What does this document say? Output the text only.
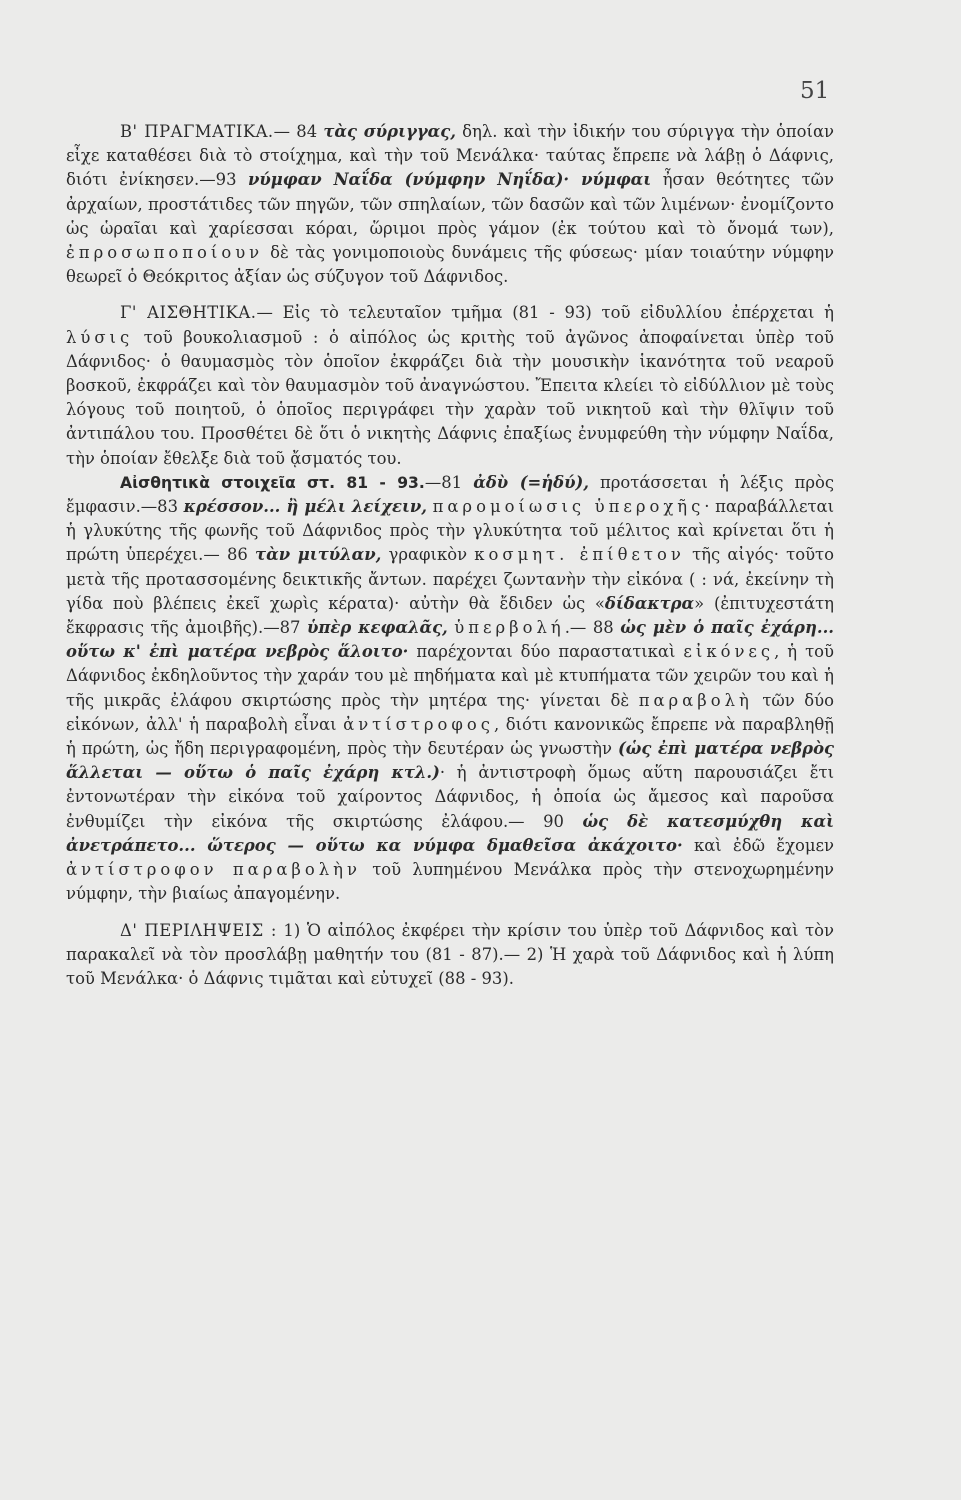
51

Β' ΠΡΑΓΜΑΤΙΚΑ.— 84 τὰς σύριγγας, δηλ. καὶ τὴν ἰδικήν του σύριγγα τὴν ὁποίαν εἶχε καταθέσει διὰ τὸ στοίχημα, καὶ τὴν τοῦ Μενάλκα· ταύτας ἔπρεπε νὰ λάβῃ ὁ Δάφνις, διότι ἐνίκησεν.—93 νύμφαν Ναΐδα (νύμφην Νηΐδα)· νύμφαι ἦσαν θεότητες τῶν ἀρχαίων, προστάτιδες τῶν πηγῶν, τῶν σπηλαίων, τῶν δασῶν καὶ τῶν λιμένων· ἐνομίζοντο ὡς ὡραῖαι καὶ χαρίεσσαι κόραι, ὥριμοι πρὸς γάμον (ἐκ τούτου καὶ τὸ ὄνομά των), ἐπροσωποποίουν δὲ τὰς γονιμοποιοὺς δυνάμεις τῆς φύσεως· μίαν τοιαύτην νύμφην θεωρεῖ ὁ Θεόκριτος ἀξίαν ὡς σύζυγον τοῦ Δάφνιδος.

Γ' ΑΙΣΘΗΤΙΚΑ.— Εἰς τὸ τελευταῖον τμῆμα (81 - 93) τοῦ εἰδυλλίου ἐπέρχεται ἡ λύσις τοῦ βουκολιασμοῦ : ὁ αἰπόλος ὡς κριτὴς τοῦ ἀγῶνος ἀποφαίνεται ὑπὲρ τοῦ Δάφνιδος· ὁ θαυμασμὸς τὸν ὁποῖον ἐκφράζει διὰ τὴν μουσικὴν ἱκανότητα τοῦ νεαροῦ βοσκοῦ, ἐκφράζει καὶ τὸν θαυμασμὸν τοῦ ἀναγνώστου. Ἔπειτα κλείει τὸ εἰδύλλιον μὲ τοὺς λόγους τοῦ ποιητοῦ, ὁ ὁποῖος περιγράφει τὴν χαρὰν τοῦ νικητοῦ καὶ τὴν θλῖψιν τοῦ ἀντιπάλου του. Προσθέτει δὲ ὅτι ὁ νικητὴς Δάφνις ἐπαξίως ἐνυμφεύθη τὴν νύμφην Ναΐδα, τὴν ὁποίαν ἔθελξε διὰ τοῦ ᾄσματός του.

Αἰσθητικὰ στοιχεῖα στ. 81 - 93.—81 ἀδὺ (=ἡδύ), προτάσσεται ἡ λέξις πρὸς ἔμφασιν.—83 κρέσσον... ἢ μέλι λείχειν, παρομοίωσις ὑπεροχῆς· παραβάλλεται ἡ γλυκύτης τῆς φωνῆς τοῦ Δάφνιδος πρὸς τὴν γλυκύτητα τοῦ μέλιτος καὶ κρίνεται ὅτι ἡ πρώτη ὑπερέχει.— 86 τὰν μιτύλαν, γραφικὸν κοσμητ. ἐπίθετον τῆς αἰγός· τοῦτο μετὰ τῆς προτασσομένης δεικτικῆς ἄντων. παρέχει ζωντανὴν τὴν εἰκόνα ( : νά, ἐκείνην τὴ γίδα ποὺ βλέπεις ἐκεῖ χωρὶς κέρατα)· αὐτὴν θὰ ἔδιδεν ὡς «δίδακτρα» (ἐπιτυχεστάτη ἔκφρασις τῆς ἀμοιβῆς).—87 ὑπὲρ κεφαλᾶς, ὑπερβολή.— 88 ὡς μὲν ὁ παῖς ἐχάρη... οὕτω κ' ἐπὶ ματέρα νεβρὸς ἅλοιτο· παρέχονται δύο παραστατικαὶ εἰκόνες, ἡ τοῦ Δάφνιδος ἐκδηλοῦντος τὴν χαράν του μὲ πηδήματα καὶ μὲ κτυπήματα τῶν χειρῶν του καὶ ἡ τῆς μικρᾶς ἐλάφου σκιρτώσης πρὸς τὴν μητέρα της· γίνεται δὲ παραβολὴ τῶν δύο εἰκόνων, ἀλλ' ἡ παραβολὴ εἶναι ἀντίστροφος, διότι κανονικῶς ἔπρεπε νὰ παραβληθῇ ἡ πρώτη, ὡς ἤδη περιγραφομένη, πρὸς τὴν δευτέραν ὡς γνωστὴν (ὡς ἐπὶ ματέρα νεβρὸς ἅλλεται — οὕτω ὁ παῖς ἐχάρη κτλ.)· ἡ ἀντιστροφὴ ὅμως αὕτη παρουσιάζει ἔτι ἐντονωτέραν τὴν εἰκόνα τοῦ χαίροντος Δάφνιδος, ἡ ὁποία ὡς ἄμεσος καὶ παροῦσα ἐνθυμίζει τὴν εἰκόνα τῆς σκιρτώσης ἐλάφου.— 90 ὡς δὲ κατεσμύχθη καὶ ἀνετράπετο... ὥτερος — οὕτω κα νύμφα δμαθεῖσα ἀκάχοιτο· καὶ ἐδῶ ἔχομεν ἀντίστροφον παραβολὴν τοῦ λυπημένου Μενάλκα πρὸς τὴν στενοχωρημένην νύμφην, τὴν βιαίως ἀπαγομένην.

Δ' ΠΕΡΙΛΗΨΕΙΣ : 1) Ὁ αἰπόλος ἐκφέρει τὴν κρίσιν του ὑπὲρ τοῦ Δάφνιδος καὶ τὸν παρακαλεῖ νὰ τὸν προσλάβῃ μαθητήν του (81 - 87).— 2) Ἡ χαρὰ τοῦ Δάφνιδος καὶ ἡ λύπη τοῦ Μενάλκα· ὁ Δάφνις τιμᾶται καὶ εὐτυχεῖ (88 - 93).
